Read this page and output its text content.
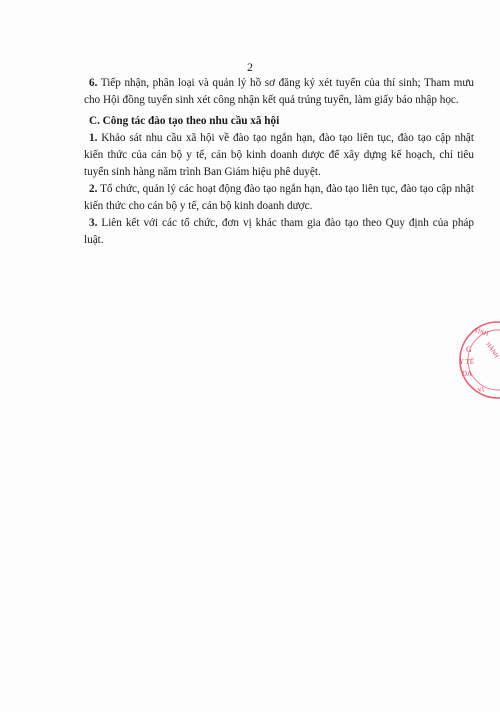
2

6. Tiếp nhận, phân loại và quản lý hồ sơ đăng ký xét tuyển của thí sinh; Tham mưu cho Hội đồng tuyển sinh xét công nhận kết quả trúng tuyển, làm giấy báo nhập học.

C. Công tác đào tạo theo nhu cầu xã hội

1. Khảo sát nhu cầu xã hội về đào tạo ngắn hạn, đào tạo liên tục, đào tạo cập nhật kiến thức của cán bộ y tế, cán bộ kinh doanh dược để xây dựng kế hoạch, chỉ tiêu tuyển sinh hàng năm trình Ban Giám hiệu phê duyệt.

2. Tổ chức, quản lý các hoạt động đào tạo ngắn hạn, đào tạo liên tục, đào tạo cập nhật kiến thức cho cán bộ y tế, cán bộ kinh doanh dược.

3. Liên kết với các tổ chức, đơn vị khác tham gia đào tạo theo Quy định của pháp luật.

TỈNH
HÀNH
G
Y TẾ
ĐA
VỊ
